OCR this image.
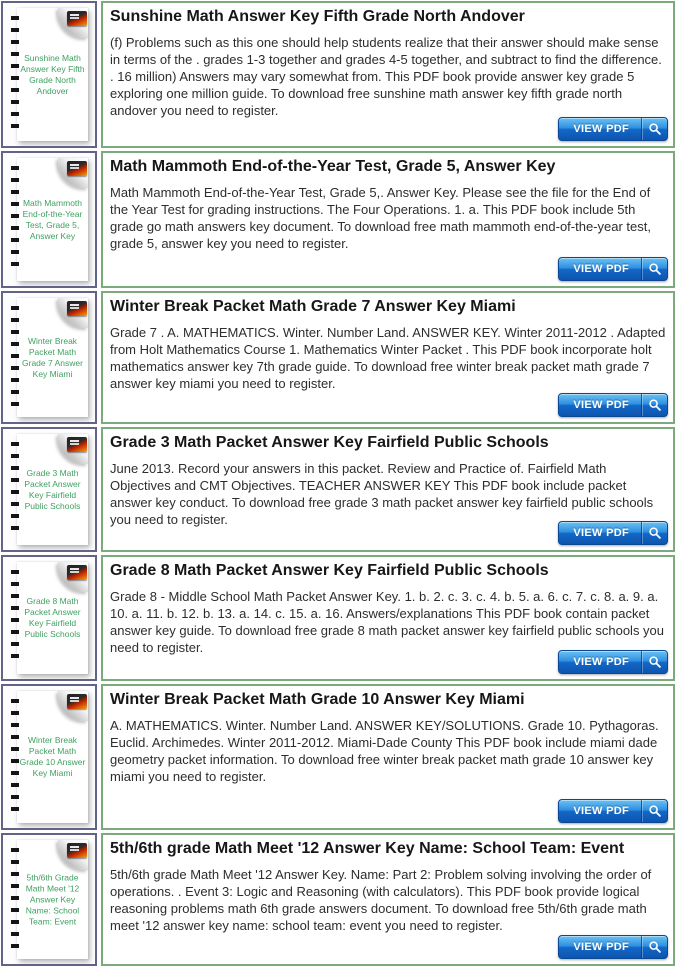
Sunshine Math Answer Key Fifth Grade North Andover
Sunshine Math Answer Key Fifth Grade North Andover

(f) Problems such as this one should help students realize that their answer should make sense in terms of the . grades 1-3 together and grades 4-5 together, and subtract to find the difference. . 16 million) Answers may vary somewhat from. This PDF book provide answer key grade 5 exploring one million guide. To download free sunshine math answer key fifth grade north andover you need to register.

VIEW PDF
Math Mammoth End-of-the-Year Test, Grade 5, Answer Key
Math Mammoth End-of-the-Year Test, Grade 5, Answer Key

Math Mammoth End-of-the-Year Test, Grade 5,. Answer Key. Please see the file for the End of the Year Test for grading instructions. The Four Operations. 1. a. This PDF book include 5th grade go math answers key document. To download free math mammoth end-of-the-year test, grade 5, answer key you need to register.

VIEW PDF
Winter Break Packet Math Grade 7 Answer Key Miami
Winter Break Packet Math Grade 7 Answer Key Miami

Grade 7 . A. MATHEMATICS. Winter. Number Land. ANSWER KEY. Winter 2011-2012 . Adapted from Holt Mathematics Course 1. Mathematics Winter Packet . This PDF book incorporate holt mathematics answer key 7th grade guide. To download free winter break packet math grade 7 answer key miami you need to register.

VIEW PDF
Grade 3 Math Packet Answer Key Fairfield Public Schools
Grade 3 Math Packet Answer Key Fairfield Public Schools

June 2013. Record your answers in this packet. Review and Practice of. Fairfield Math Objectives and CMT Objectives. TEACHER ANSWER KEY This PDF book include packet answer key conduct. To download free grade 3 math packet answer key fairfield public schools you need to register.

VIEW PDF
Grade 8 Math Packet Answer Key Fairfield Public Schools
Grade 8 Math Packet Answer Key Fairfield Public Schools

Grade 8 - Middle School Math Packet Answer Key. 1. b. 2. c. 3. c. 4. b. 5. a. 6. c. 7. c. 8. a. 9. a. 10. a. 11. b. 12. b. 13. a. 14. c. 15. a. 16. Answers/explanations This PDF book contain packet answer key guide. To download free grade 8 math packet answer key fairfield public schools you need to register.

VIEW PDF
Winter Break Packet Math Grade 10 Answer Key Miami
Winter Break Packet Math Grade 10 Answer Key Miami

A. MATHEMATICS. Winter. Number Land. ANSWER KEY/SOLUTIONS. Grade 10. Pythagoras. Euclid. Archimedes. Winter 2011-2012. Miami-Dade County This PDF book include miami dade geometry packet information. To download free winter break packet math grade 10 answer key miami you need to register.

VIEW PDF
5th/6th Grade Math Meet '12 Answer Key Name: School Team: Event
5th/6th grade Math Meet '12 Answer Key Name: School Team: Event

5th/6th grade Math Meet '12 Answer Key. Name: Part 2: Problem solving involving the order of operations. . Event 3: Logic and Reasoning (with calculators). This PDF book provide logical reasoning problems math 6th grade answers document. To download free 5th/6th grade math meet '12 answer key name: school team: event you need to register.

VIEW PDF
